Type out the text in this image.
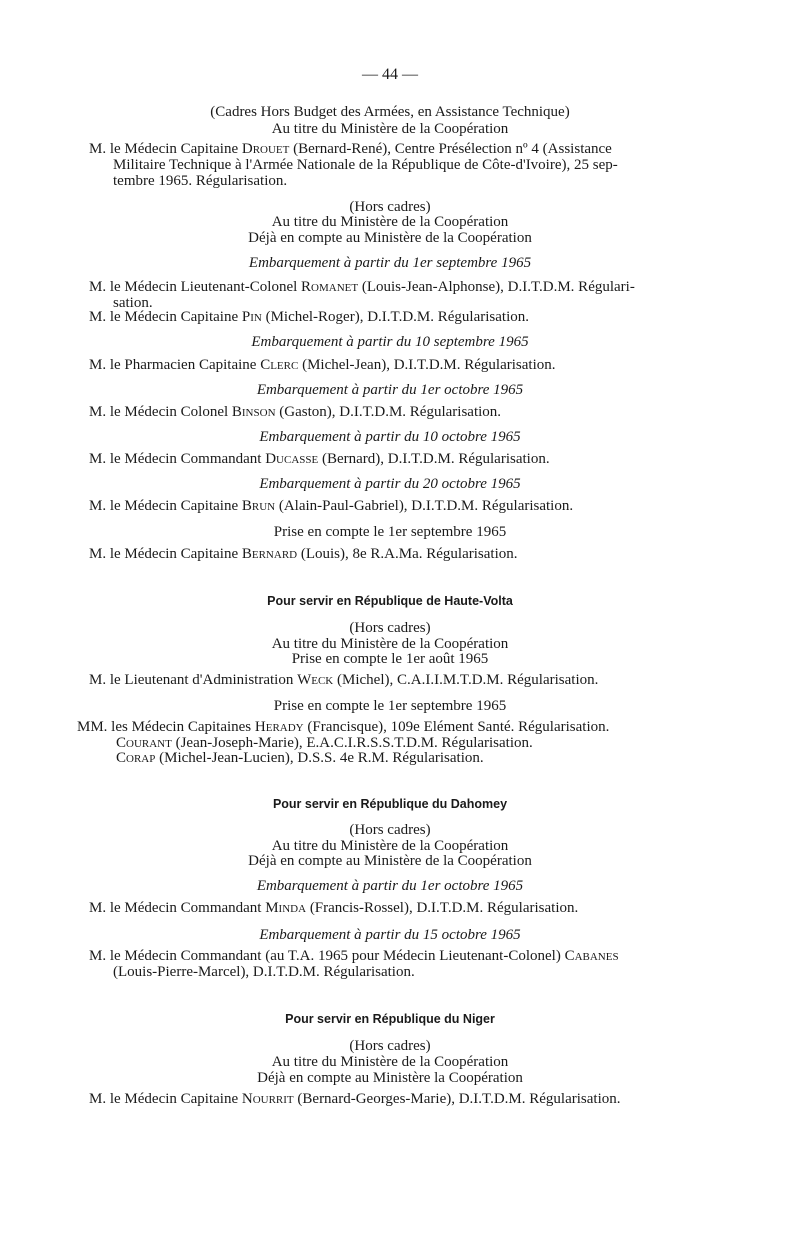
— 44 —
(Cadres Hors Budget des Armées, en Assistance Technique)
Au titre du Ministère de la Coopération
M. le Médecin Capitaine Drouet (Bernard-René), Centre Présélection nº 4 (Assistance
Militaire Technique à l'Armée Nationale de la République de Côte-d'Ivoire), 25 sep-
tembre 1965. Régularisation.
(Hors cadres)
Au titre du Ministère de la Coopération
Déjà en compte au Ministère de la Coopération
Embarquement à partir du 1er septembre 1965
M. le Médecin Lieutenant-Colonel Romanet (Louis-Jean-Alphonse), D.I.T.D.M. Régulari-
sation.
M. le Médecin Capitaine Pin (Michel-Roger), D.I.T.D.M. Régularisation.
Embarquement à partir du 10 septembre 1965
M. le Pharmacien Capitaine Clerc (Michel-Jean), D.I.T.D.M. Régularisation.
Embarquement à partir du 1er octobre 1965
M. le Médecin Colonel Binson (Gaston), D.I.T.D.M. Régularisation.
Embarquement à partir du 10 octobre 1965
M. le Médecin Commandant Ducasse (Bernard), D.I.T.D.M. Régularisation.
Embarquement à partir du 20 octobre 1965
M. le Médecin Capitaine Brun (Alain-Paul-Gabriel), D.I.T.D.M. Régularisation.
Prise en compte le 1er septembre 1965
M. le Médecin Capitaine Bernard (Louis), 8e R.A.Ma. Régularisation.
Pour servir en République de Haute-Volta
(Hors cadres)
Au titre du Ministère de la Coopération
Prise en compte le 1er août 1965
M. le Lieutenant d'Administration Weck (Michel), C.A.I.I.M.T.D.M. Régularisation.
Prise en compte le 1er septembre 1965
MM. les Médecin Capitaines Herady (Francisque), 109e Elément Santé. Régularisation.
Courant (Jean-Joseph-Marie), E.A.C.I.R.S.S.T.D.M. Régularisation.
Corap (Michel-Jean-Lucien), D.S.S. 4e R.M. Régularisation.
Pour servir en République du Dahomey
(Hors cadres)
Au titre du Ministère de la Coopération
Déjà en compte au Ministère de la Coopération
Embarquement à partir du 1er octobre 1965
M. le Médecin Commandant Minda (Francis-Rossel), D.I.T.D.M. Régularisation.
Embarquement à partir du 15 octobre 1965
M. le Médecin Commandant (au T.A. 1965 pour Médecin Lieutenant-Colonel) Cabanes
(Louis-Pierre-Marcel), D.I.T.D.M. Régularisation.
Pour servir en République du Niger
(Hors cadres)
Au titre du Ministère de la Coopération
Déjà en compte au Ministère la Coopération
M. le Médecin Capitaine Nourrit (Bernard-Georges-Marie), D.I.T.D.M. Régularisation.
